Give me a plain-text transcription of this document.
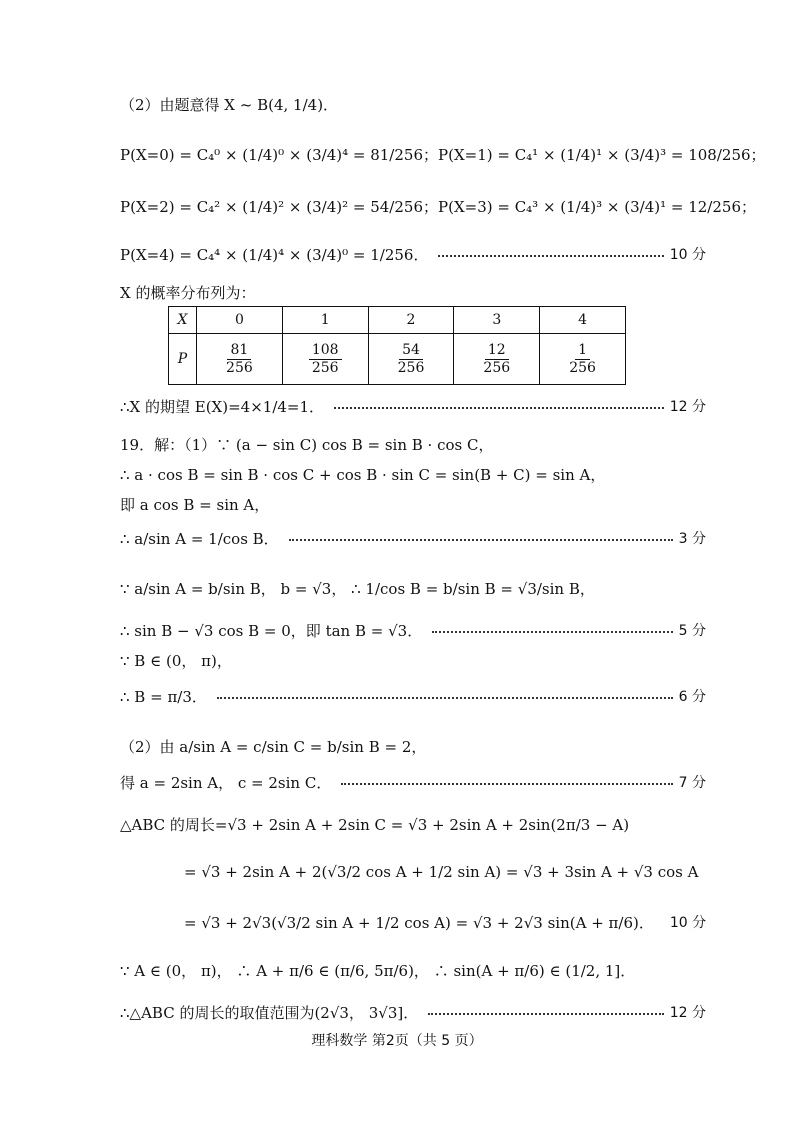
（2）由题意得 X ~ B(4, 1/4)．
P(X=0) = C₄⁰ × (1/4)⁰ × (3/4)⁴ = 81/256； P(X=1) = C₄¹ × (1/4)¹ × (3/4)³ = 108/256；
P(X=2) = C₄² × (1/4)² × (3/4)² = 54/256； P(X=3) = C₄³ × (1/4)³ × (3/4)¹ = 12/256；
P(X=4) = C₄⁴ × (1/4)⁴ × (3/4)⁰ = 1/256．	10 分
X 的概率分布列为：
X	0	1	2	3	4
P	$\frac{81}{256}$	$\frac{108}{256}$	$\frac{54}{256}$	$\frac{12}{256}$	$\frac{1}{256}$
∴X 的期望 E(X)=4×1/4=1．	12 分
19．解：（1）∵ (a − sin C) cos B = sin B · cos C，
∴ a · cos B = sin B · cos C + cos B · sin C = sin(B + C) = sin A，
即 a cos B = sin A，
∴ a/sin A = 1/cos B．	3 分
∵ a/sin A = b/sin B， b = √3， ∴ 1/cos B = b/sin B = √3/sin B，
∴ sin B − √3 cos B = 0，即 tan B = √3．	5 分
∵ B ∈ (0， π)，
∴ B = π/3．	6 分
（2）由 a/sin A = c/sin C = b/sin B = 2，
得 a = 2sin A， c = 2sin C．	7 分
△ABC 的周长=√3 + 2sin A + 2sin C = √3 + 2sin A + 2sin(2π/3 − A)
= √3 + 2sin A + 2(√3/2 cos A + 1/2 sin A) = √3 + 3sin A + √3 cos A
= √3 + 2√3(√3/2 sin A + 1/2 cos A) = √3 + 2√3 sin(A + π/6)． 10 分
∵ A ∈ (0， π)， ∴ A + π/6 ∈ (π/6, 5π/6)， ∴ sin(A + π/6) ∈ (1/2, 1]．
∴△ABC 的周长的取值范围为(2√3， 3√3]．	12 分
理科数学 第2页（共 5 页）
